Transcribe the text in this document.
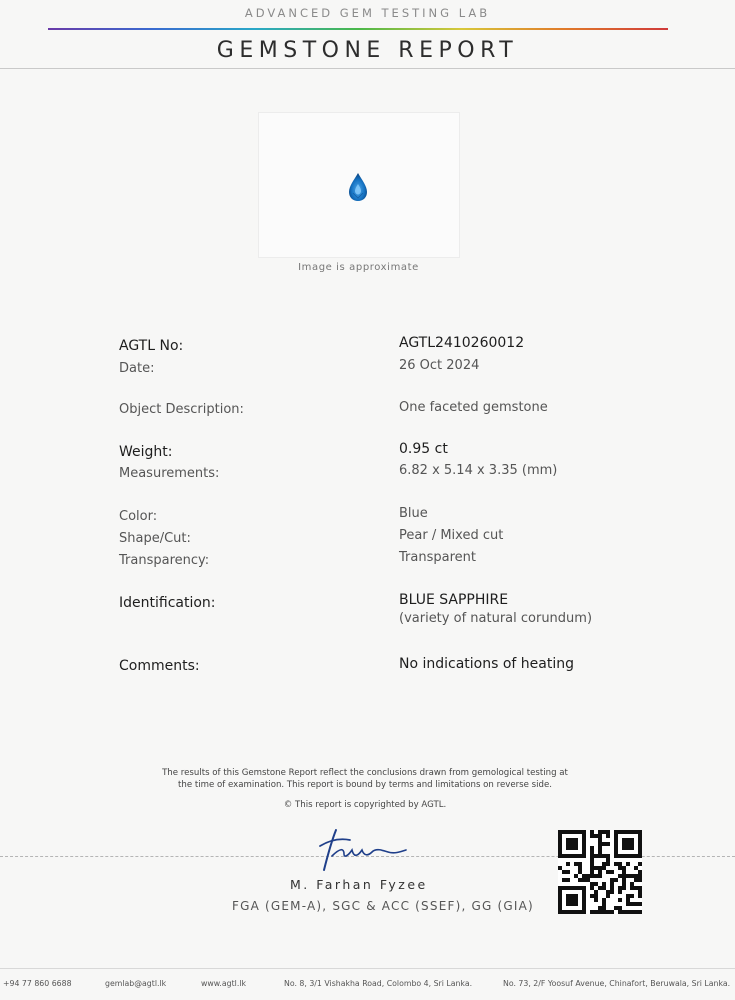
ADVANCED GEM TESTING LAB
GEMSTONE REPORT
Image is approximate
AGTL No:	AGTL2410260012
Date:	26 Oct 2024
Object Description:	One faceted gemstone
Weight:	0.95 ct
Measurements:	6.82 x 5.14 x 3.35 (mm)
Color:	Blue
Shape/Cut:	Pear / Mixed cut
Transparency:	Transparent
Identification:	BLUE SAPPHIRE
(variety of natural corundum)
Comments:	No indications of heating
The results of this Gemstone Report reflect the conclusions drawn from gemological testing at
the time of examination. This report is bound by terms and limitations on reverse side.
© This report is copyrighted by AGTL.
M. Farhan Fyzee
FGA (GEM-A), SGC & ACC (SSEF), GG (GIA)
+94 77 860 6688	gemlab@agtl.lk	www.agtl.lk	No. 8, 3/1 Vishakha Road, Colombo 4, Sri Lanka.	No. 73, 2/F Yoosuf Avenue, Chinafort, Beruwala, Sri Lanka.
